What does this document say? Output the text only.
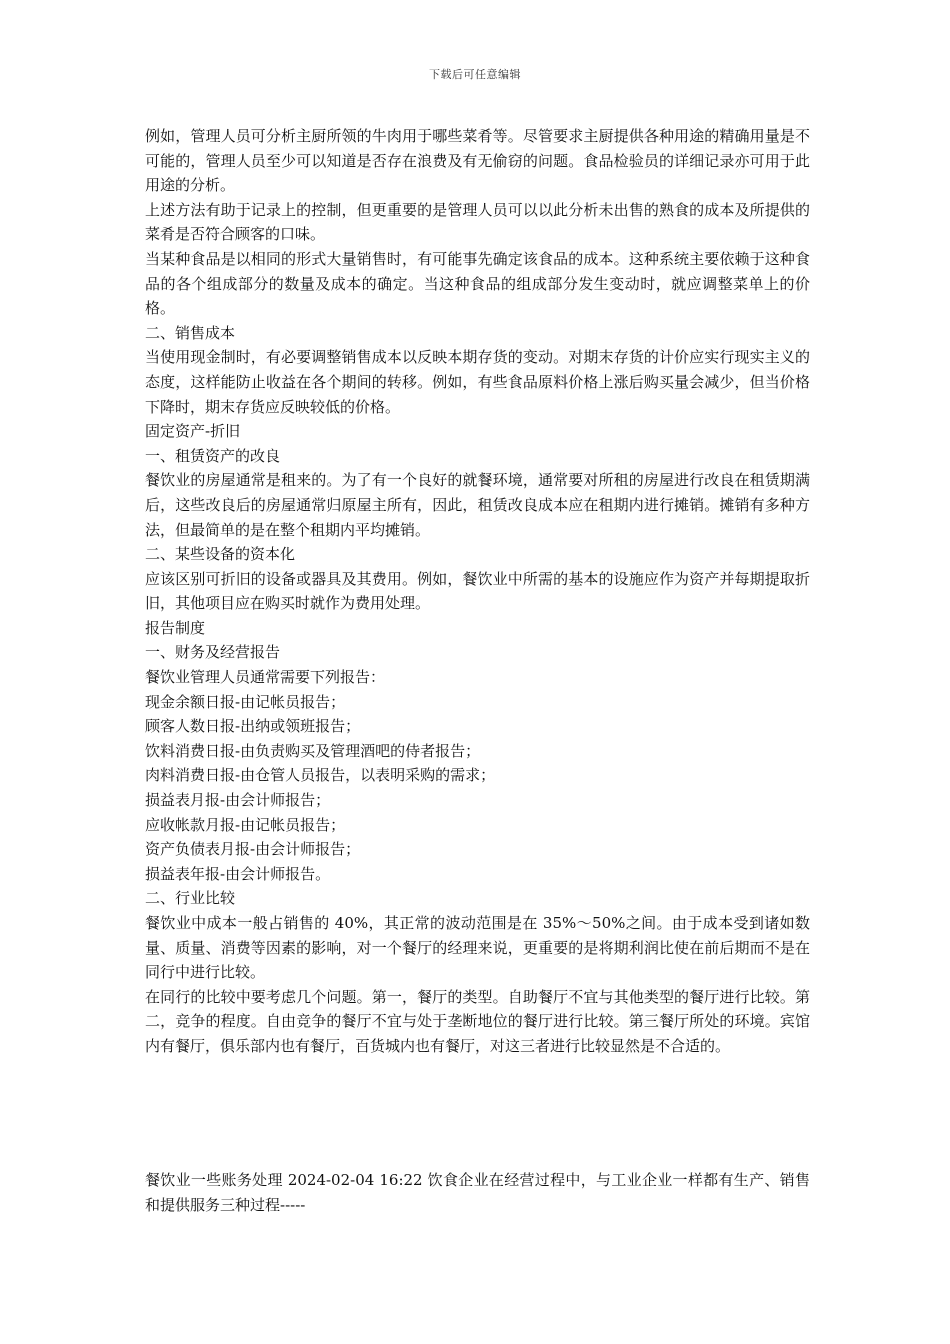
下载后可任意编辑

例如，管理人员可分析主厨所领的牛肉用于哪些菜肴等。尽管要求主厨提供各种用途的精确用量是不可能的，管理人员至少可以知道是否存在浪费及有无偷窃的问题。食品检验员的详细记录亦可用于此用途的分析。

上述方法有助于记录上的控制，但更重要的是管理人员可以以此分析未出售的熟食的成本及所提供的菜肴是否符合顾客的口味。

当某种食品是以相同的形式大量销售时，有可能事先确定该食品的成本。这种系统主要依赖于这种食品的各个组成部分的数量及成本的确定。当这种食品的组成部分发生变动时，就应调整菜单上的价格。

二、销售成本

当使用现金制时，有必要调整销售成本以反映本期存货的变动。对期末存货的计价应实行现实主义的态度，这样能防止收益在各个期间的转移。例如，有些食品原料价格上涨后购买量会减少，但当价格下降时，期末存货应反映较低的价格。

固定资产-折旧

一、租赁资产的改良

餐饮业的房屋通常是租来的。为了有一个良好的就餐环境，通常要对所租的房屋进行改良在租赁期满后，这些改良后的房屋通常归原屋主所有，因此，租赁改良成本应在租期内进行摊销。摊销有多种方法，但最简单的是在整个租期内平均摊销。

二、某些设备的资本化

应该区别可折旧的设备或器具及其费用。例如，餐饮业中所需的基本的设施应作为资产并每期提取折旧，其他项目应在购买时就作为费用处理。

报告制度

一、财务及经营报告

餐饮业管理人员通常需要下列报告：

现金余额日报-由记帐员报告；

顾客人数日报-出纳或领班报告；

饮料消费日报-由负责购买及管理酒吧的侍者报告；

肉料消费日报-由仓管人员报告，以表明采购的需求；

损益表月报-由会计师报告；

应收帐款月报-由记帐员报告；

资产负债表月报-由会计师报告；

损益表年报-由会计师报告。

二、行业比较

餐饮业中成本一般占销售的 40%，其正常的波动范围是在 35%～50%之间。由于成本受到诸如数量、质量、消费等因素的影响，对一个餐厅的经理来说，更重要的是将期利润比使在前后期而不是在同行中进行比较。

在同行的比较中要考虑几个问题。第一，餐厅的类型。自助餐厅不宜与其他类型的餐厅进行比较。第二，竞争的程度。自由竞争的餐厅不宜与处于垄断地位的餐厅进行比较。第三餐厅所处的环境。宾馆内有餐厅，俱乐部内也有餐厅，百货城内也有餐厅，对这三者进行比较显然是不合适的。

餐饮业一些账务处理 2024-02-04 16:22 饮食企业在经营过程中，与工业企业一样都有生产、销售和提供服务三种过程-----
